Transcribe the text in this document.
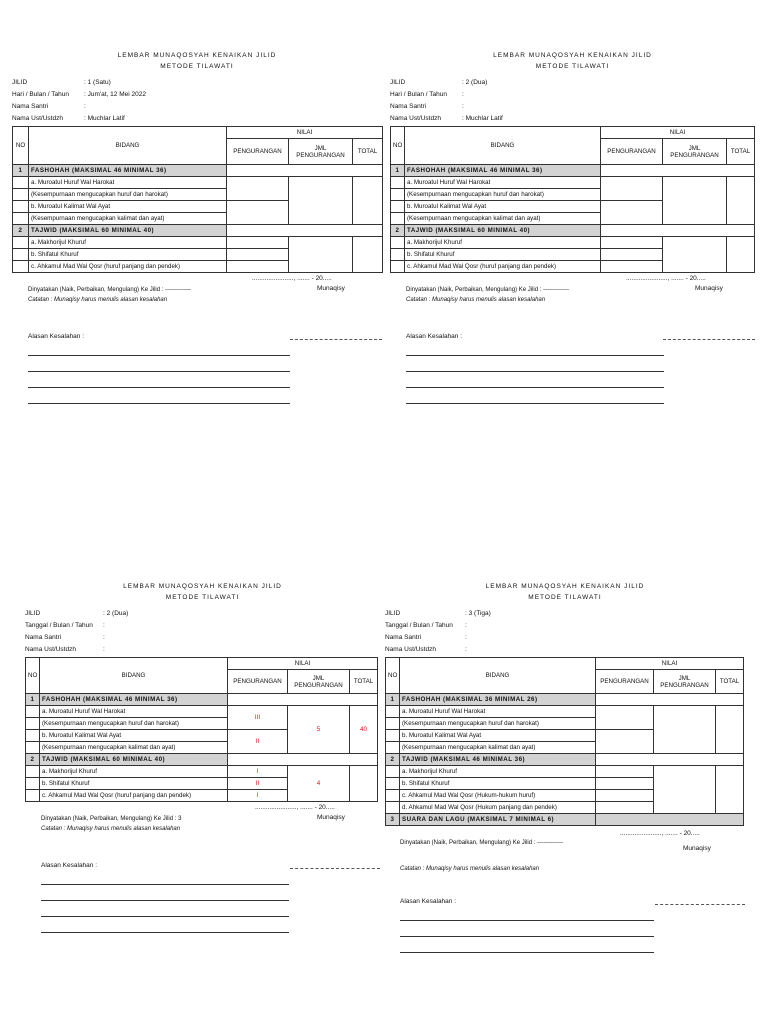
LEMBAR MUNAQOSYAH KENAIKAN JILID
METODE TILAWATI
JILID	: 1 (Satu)
Hari / Bulan / Tahun	: Jum'at, 12 Mei 2022
Nama Santri	:
Nama Ust/Ustdzh	: Muchlar Latif
NO	BIDANG	NILAI		
		PENGURANGAN	JML PENGURANGAN	TOTAL
1	FASHOHAH (MAKSIMAL 46 MINIMAL 36)			
	a. Muroatul Huruf Wal Harokat			
	(Kesempurnaan mengucapkan huruf dan harokat)			
	b. Muroatul Kalimat Wal Ayat			
	(Kesempurnaan mengucapkan kalimat dan ayat)			
2	TAJWID (MAKSIMAL 60 MINIMAL 40)			
	a. Makhorijul Khuruf			
	b. Shifatul Khuruf			
	c. Ahkamul Mad Wal Qosr (huruf panjang dan pendek)			
......................., ....... - 20.....
Munaqisy
Dinyatakan (Naik, Perbaikan, Mengulang) Ke Jilid : -------------
Catatan : Munaqisy harus menulis alasan kesalahan
Alasan Kesalahan :
LEMBAR MUNAQOSYAH KENAIKAN JILID
METODE TILAWATI
JILID	: 2 (Dua)
Hari / Bulan / Tahun	:
Nama Santri	:
Nama Ust/Ustdzh	: Muchlar Latif
NO	BIDANG	NILAI		
		PENGURANGAN	JML PENGURANGAN	TOTAL
1	FASHOHAH (MAKSIMAL 46 MINIMAL 36)			
	a. Muroatul Huruf Wal Harokat			
	(Kesempurnaan mengucapkan huruf dan harokat)			
	b. Muroatul Kalimat Wal Ayat			
	(Kesempurnaan mengucapkan kalimat dan ayat)			
2	TAJWID (MAKSIMAL 60 MINIMAL 40)			
	a. Makhorijul Khuruf			
	b. Shifatul Khuruf			
	c. Ahkamul Mad Wal Qosr (huruf panjang dan pendek)			
......................., ....... - 20.....
Munaqisy
Dinyatakan (Naik, Perbaikan, Mengulang) Ke Jilid : -------------
Catatan : Munaqisy harus menulis alasan kesalahan
Alasan Kesalahan :
LEMBAR MUNAQOSYAH KENAIKAN JILID
METODE TILAWATI
JILID	: 2 (Dua)
Tanggal / Bulan / Tahun	:
Nama Santri	:
Nama Ust/Ustdzh	:
NO	BIDANG	NILAI		
		PENGURANGAN	JML PENGURANGAN	TOTAL
1	FASHOHAH (MAKSIMAL 46 MINIMAL 36)			
	a. Muroatul Huruf Wal Harokat	III	5	40
	(Kesempurnaan mengucapkan huruf dan harokat)			
	b. Muroatul Kalimat Wal Ayat	II		
	(Kesempurnaan mengucapkan kalimat dan ayat)			
2	TAJWID (MAKSIMAL 60 MINIMAL 40)			
	a. Makhorijul Khuruf	I	4	
	b. Shifatul Khuruf	II		
	c. Ahkamul Mad Wal Qosr (huruf panjang dan pendek)	I		
......................., ....... - 20.....
Munaqisy
Dinyatakan (Naik, Perbaikan, Mengulang) Ke Jilid : 3
Catatan : Munaqisy harus menulis alasan kesalahan
Alasan Kesalahan :
LEMBAR MUNAQOSYAH KENAIKAN JILID
METODE TILAWATI
JILID	: 3 (Tiga)
Tanggal / Bulan / Tahun	:
Nama Santri	:
Nama Ust/Ustdzh	:
NO	BIDANG	NILAI		
		PENGURANGAN	JML PENGURANGAN	TOTAL
1	FASHOHAH (MAKSIMAL 36 MINIMAL 26)			
	a. Muroatul Huruf Wal Harokat			
	(Kesempurnaan mengucapkan huruf dan harokat)			
	b. Muroatul Kalimat Wal Ayat			
	(Kesempurnaan mengucapkan kalimat dan ayat)			
2	TAJWID (MAKSIMAL 46 MINIMAL 36)			
	a. Makhorijul Khuruf			
	b. Shifatul Khuruf			
	c. Ahkamul Mad Wal Qosr (Hukum-hukum huruf)			
	d. Ahkamul Mad Wal Qosr (Hukum panjang dan pendek)			
3	SUARA DAN LAGU (MAKSIMAL 7 MINIMAL 6)			
......................., ....... - 20.....
Munaqisy
Dinyatakan (Naik, Perbaikan, Mengulang) Ke Jilid : -------------
Catatan : Munaqisy harus menulis alasan kesalahan
Alasan Kesalahan :
